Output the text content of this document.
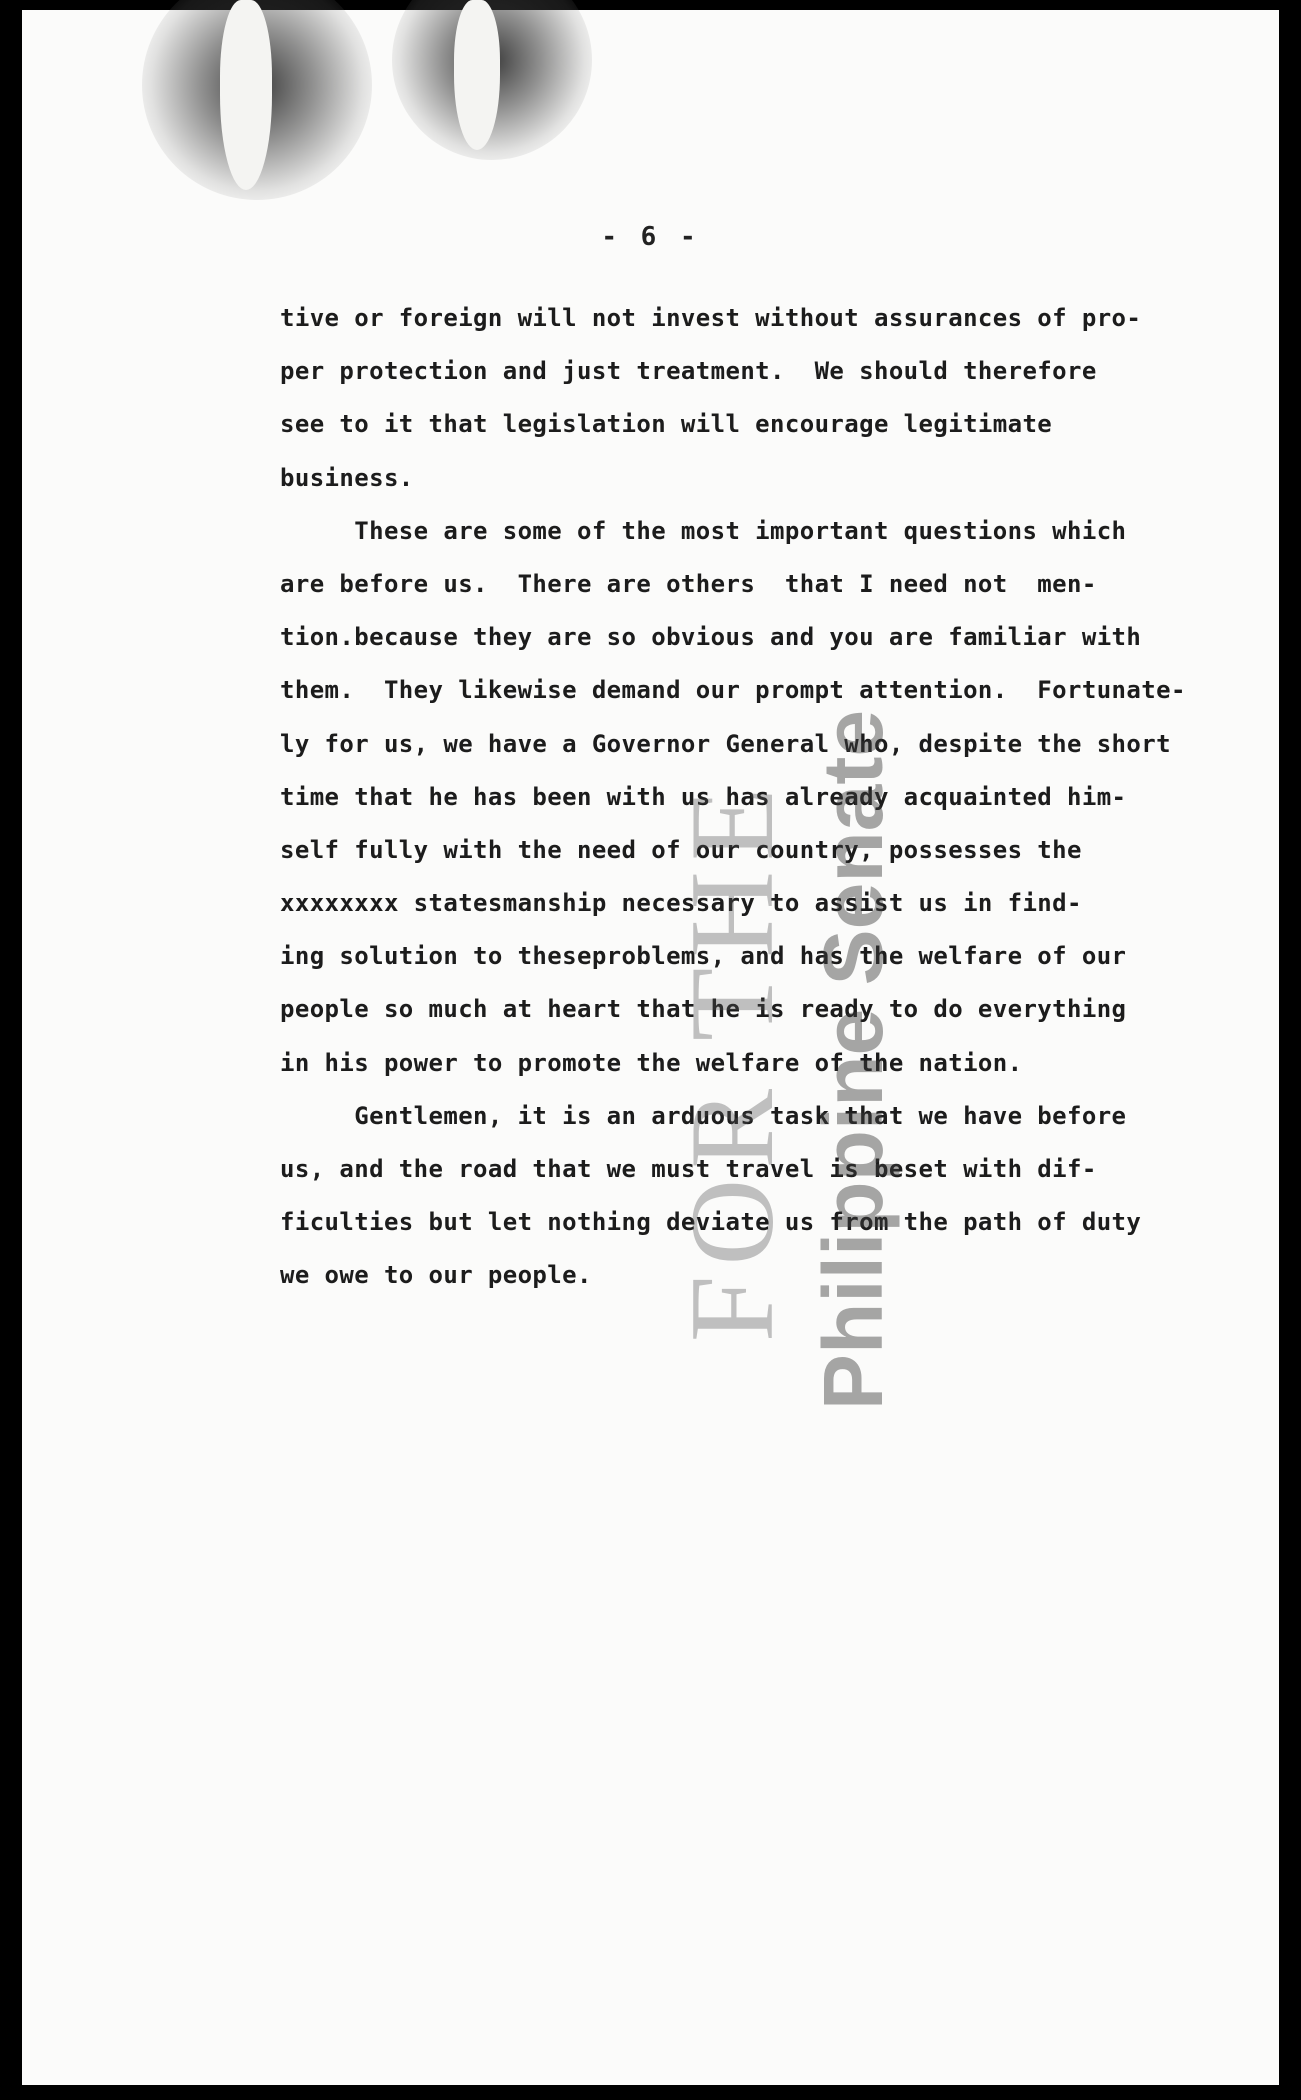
- 6 -
tive or foreign will not invest without assurances of pro-
per protection and just treatment.  We should therefore
see to it that legislation will encourage legitimate
business.
These are some of the most important questions which
are before us.  There are others  that I need not  men-
tion.because they are so obvious and you are familiar with
them.  They likewise demand our prompt attention.  Fortunate-
ly for us, we have a Governor General who, despite the short
time that he has been with us has already acquainted him-
self fully with the need of our country, possesses the
xxxxxxxx statesmanship necessary to assist us in find-
ing solution to theseproblems, and has the welfare of our
people so much at heart that he is ready to do everything
in his power to promote the welfare of the nation.
Gentlemen, it is an arduous task that we have before
us, and the road that we must travel is beset with dif-
ficulties but let nothing deviate us from the path of duty
we owe to our people. FOR THE Philippine Senate
